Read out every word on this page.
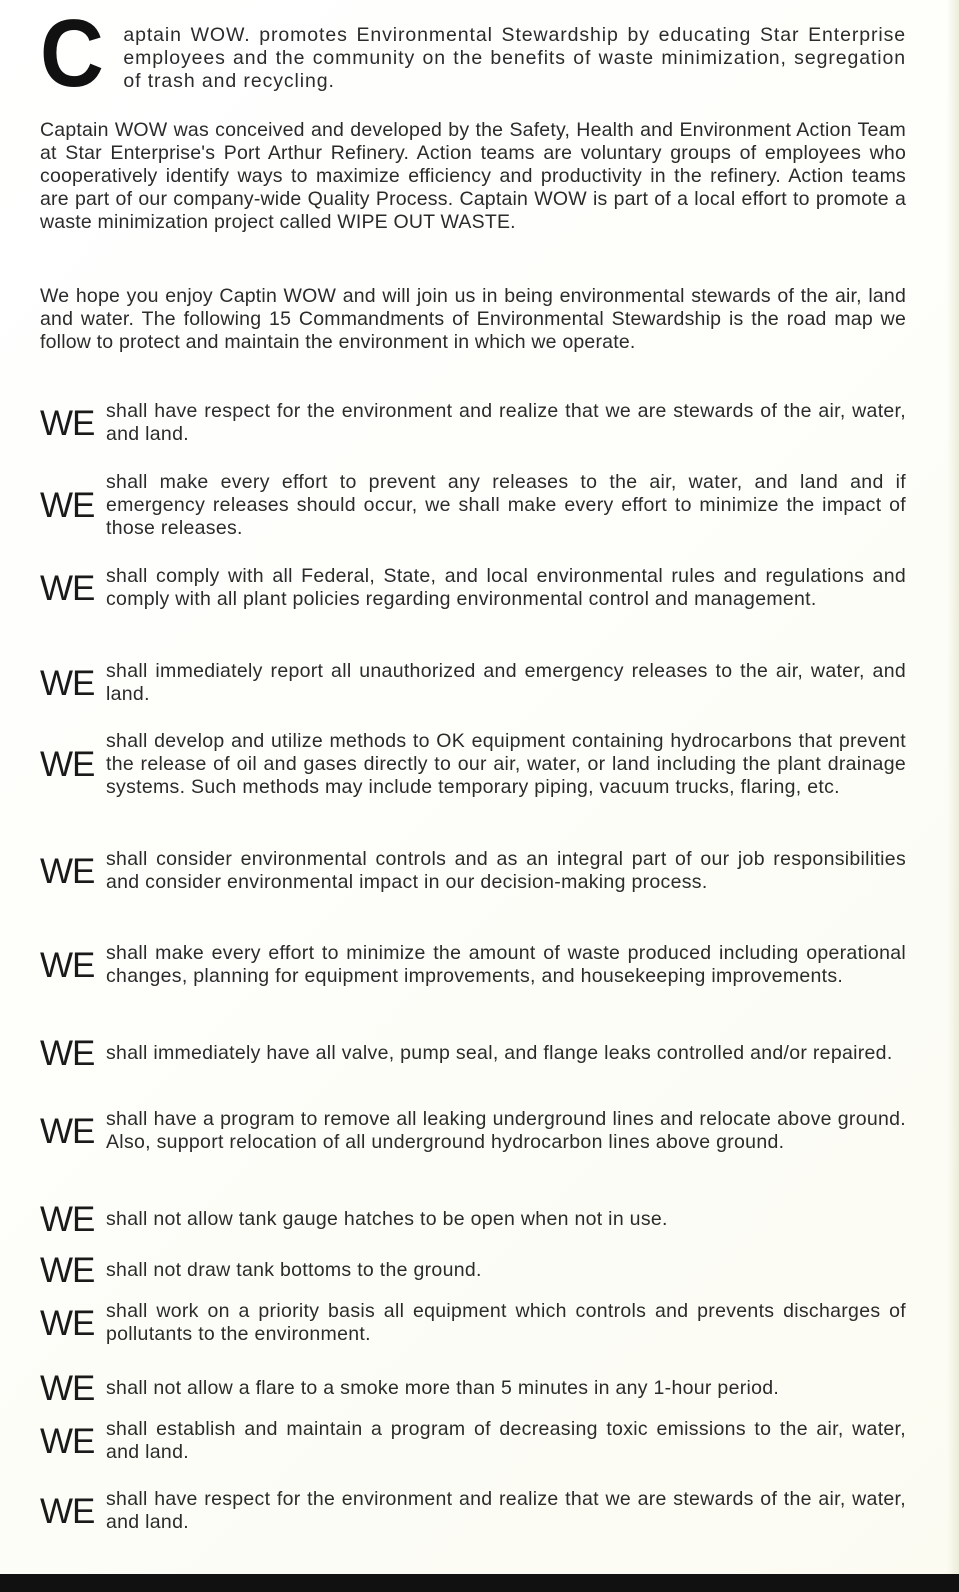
C	aptain WOW. promotes Environmental Stewardship by educating Star Enterprise employees and the community on the benefits of waste minimization, segregation of trash and recycling.

Captain WOW was conceived and developed by the Safety, Health and Environment Action Team at Star Enterprise's Port Arthur Refinery. Action teams are voluntary groups of employees who cooperatively identify ways to maximize efficiency and productivity in the refinery. Action teams are part of our company-wide Quality Process. Captain WOW is part of a local effort to promote a waste minimization project called WIPE OUT WASTE.

We hope you enjoy Captin WOW and will join us in being environmental stewards of the air, land and water. The following 15 Commandments of Environmental Stewardship is the road map we follow to protect and maintain the environment in which we operate.

WE shall have respect for the environment and realize that we are stewards of the air, water, and land.

WE

shall make every effort to prevent any releases to the air, water, and land and if emergency releases should occur, we shall make every effort to minimize the impact of those releases.

WE shall comply with all Federal, State, and local environmental rules and regulations and comply with all plant policies regarding environmental control and management.

WE shall immediately report all unauthorized and emergency releases to the air, water, and land.

WE

shall develop and utilize methods to OK equipment containing hydrocarbons that prevent the release of oil and gases directly to our air, water, or land including the plant drainage systems. Such methods may include temporary piping, vacuum trucks, flaring, etc.

WE shall consider environmental controls and as an integral part of our job responsibilities and consider environmental impact in our decision-making process.

WE shall make every effort to minimize the amount of waste produced including operational changes, planning for equipment improvements, and housekeeping improvements.

WE shall immediately have all valve, pump seal, and flange leaks controlled and/or repaired.

WE shall have a program to remove all leaking underground lines and relocate above ground. Also, support relocation of all underground hydrocarbon lines above ground.

WE shall not allow tank gauge hatches to be open when not in use.

WE shall not draw tank bottoms to the ground.

WE shall work on a priority basis all equipment which controls and prevents discharges of pollutants to the environment.

WE shall not allow a flare to a smoke more than 5 minutes in any 1-hour period.

WE shall establish and maintain a program of decreasing toxic emissions to the air, water, and land.

WE shall have respect for the environment and realize that we are stewards of the air, water, and land.
